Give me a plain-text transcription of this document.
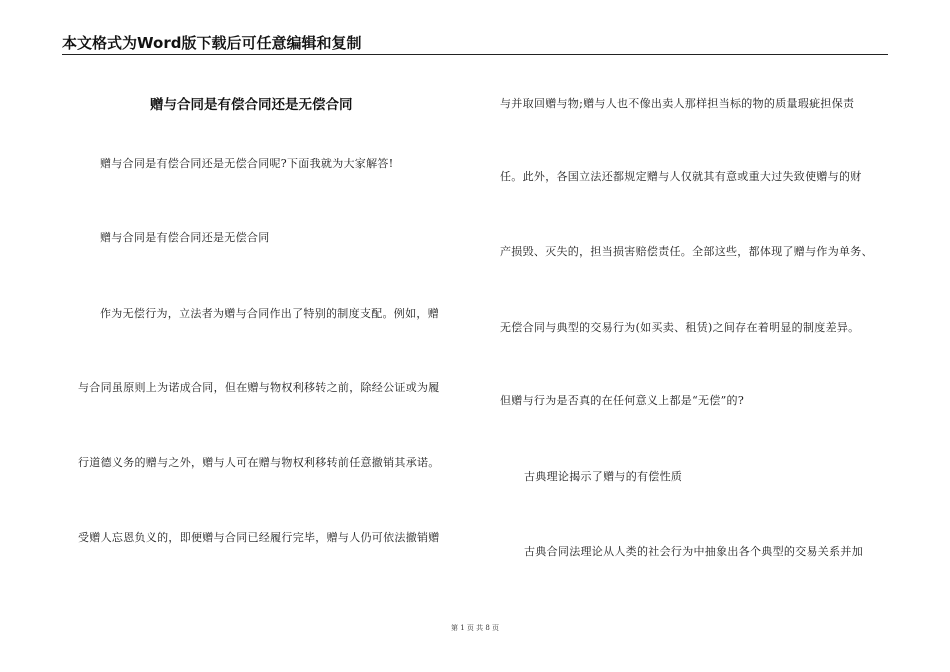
本文格式为Word版下载后可任意编辑和复制
赠与合同是有偿合同还是无偿合同
赠与合同是有偿合同还是无偿合同呢?下面我就为大家解答!
赠与合同是有偿合同还是无偿合同
作为无偿行为，立法者为赠与合同作出了特别的制度支配。例如，赠
与合同虽原则上为诺成合同，但在赠与物权利移转之前，除经公证或为履
行道德义务的赠与之外，赠与人可在赠与物权利移转前任意撤销其承诺。
受赠人忘恩负义的，即便赠与合同已经履行完毕，赠与人仍可依法撤销赠
与并取回赠与物;赠与人也不像出卖人那样担当标的物的质量瑕疵担保责
任。此外，各国立法还都规定赠与人仅就其有意或重大过失致使赠与的财
产损毁、灭失的，担当损害赔偿责任。全部这些，都体现了赠与作为单务、
无偿合同与典型的交易行为(如买卖、租赁)之间存在着明显的制度差异。
但赠与行为是否真的在任何意义上都是“无偿”的?
古典理论揭示了赠与的有偿性质
古典合同法理论从人类的社会行为中抽象出各个典型的交易关系并加
第 1 页 共 8 页
